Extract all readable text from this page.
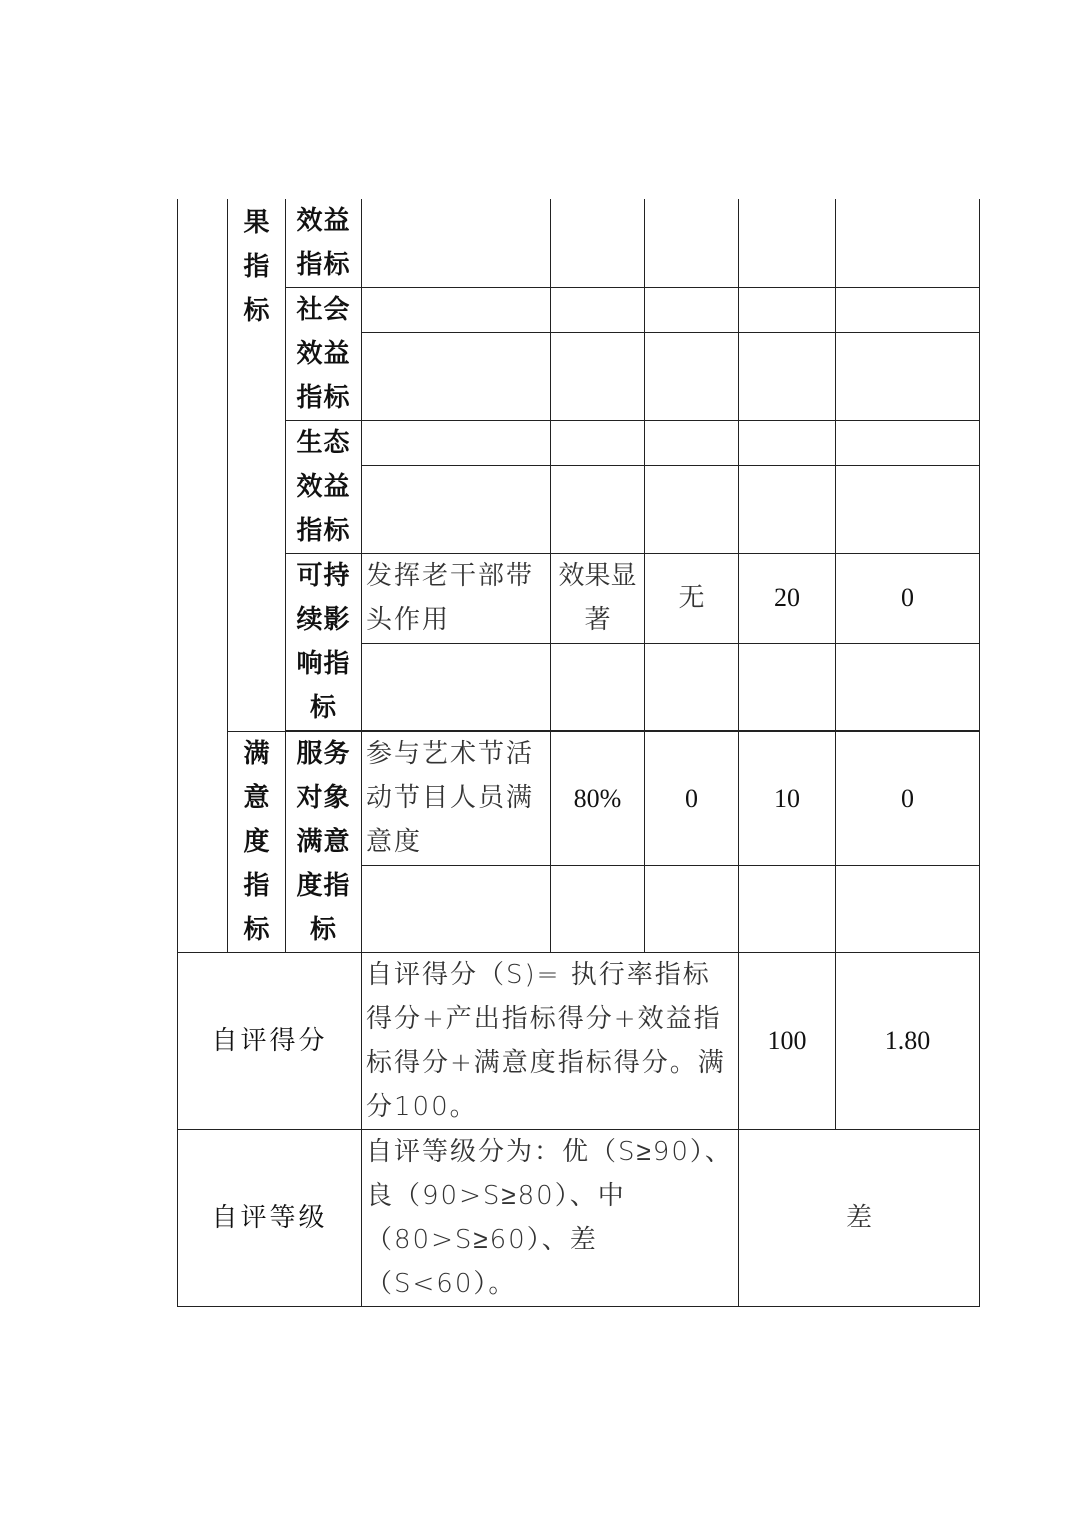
	果指标	效益指标					

		社会效益指标					

		生态效益指标					

		可持续影响指标	发挥老干部带头作用	效果显著	无	20	0

	满意度指标	服务对象满意度指标	参与艺术节活动节目人员满意度	80%	0	10	0

自评得分			自评得分（S)= 执行率指标得分+产出指标得分+效益指标得分+满意度指标得分。满分100。			100	1.80
自评等级			自评等级分为：优（S≥90）、良（90>S≥80）、中（80>S≥60）、差（S<60）。			差	
